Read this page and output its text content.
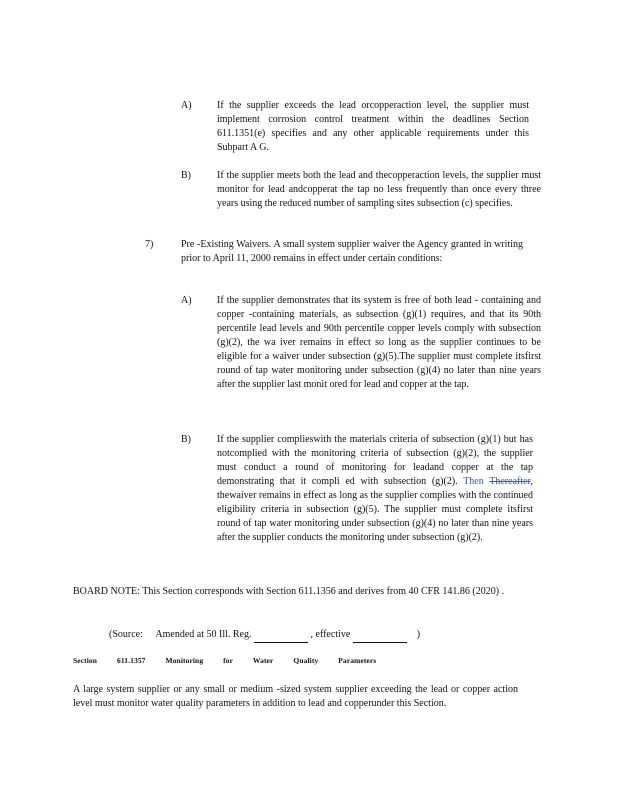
A)	If the supplier exceeds the lead orcopperaction level, the supplier must implement corrosion control treatment within the deadlines Section 611.1351(e) specifies and any other applicable requirements under this Subpart A G.
B)	If the supplier meets both the lead and thecopperaction levels, the supplier must monitor for lead andcopperat the tap no less frequently than once every three years using the reduced number of sampling sites subsection (c) specifies.
7)	Pre -Existing Waivers. A small system supplier waiver the Agency granted in writing prior to April 11, 2000 remains in effect under certain conditions:
A)	If the supplier demonstrates that its system is free of both lead - containing and copper -containing materials, as subsection (g)(1) requires, and that its 90th percentile lead levels and 90th percentile copper levels comply with subsection (g)(2), the wa iver remains in effect so long as the supplier continues to be eligible for a waiver under subsection (g)(5).The supplier must complete itsfirst round of tap water monitoring under subsection (g)(4) no later than nine years after the supplier last monit ored for lead and copper at the tap.
B)	If the supplier complieswith the materials criteria of subsection (g)(1) but has notcomplied with the monitoring criteria of subsection (g)(2), the supplier must conduct a round of monitoring for leadand copper at the tap demonstrating that it compli ed with subsection (g)(2). Then Thereafter, thewaiver remains in effect as long as the supplier complies with the continued eligibility criteria in subsection (g)(5). The supplier must complete itsfirst round of tap water monitoring under subsection (g)(4) no later than nine years after the supplier conducts the monitoring under subsection (g)(2).
BOARD NOTE: This Section corresponds with Section 611.1356 and derives from 40 CFR 141.86 (2020) .
(Source: Amended at 50 Ill. Reg.	, effective	)
Section	611.1357	Monitoring	for	Water	Quality	Parameters
A large system supplier or any small or medium -sized system supplier exceeding the lead or copper action level must monitor water quality parameters in addition to lead and copperunder this Section.
